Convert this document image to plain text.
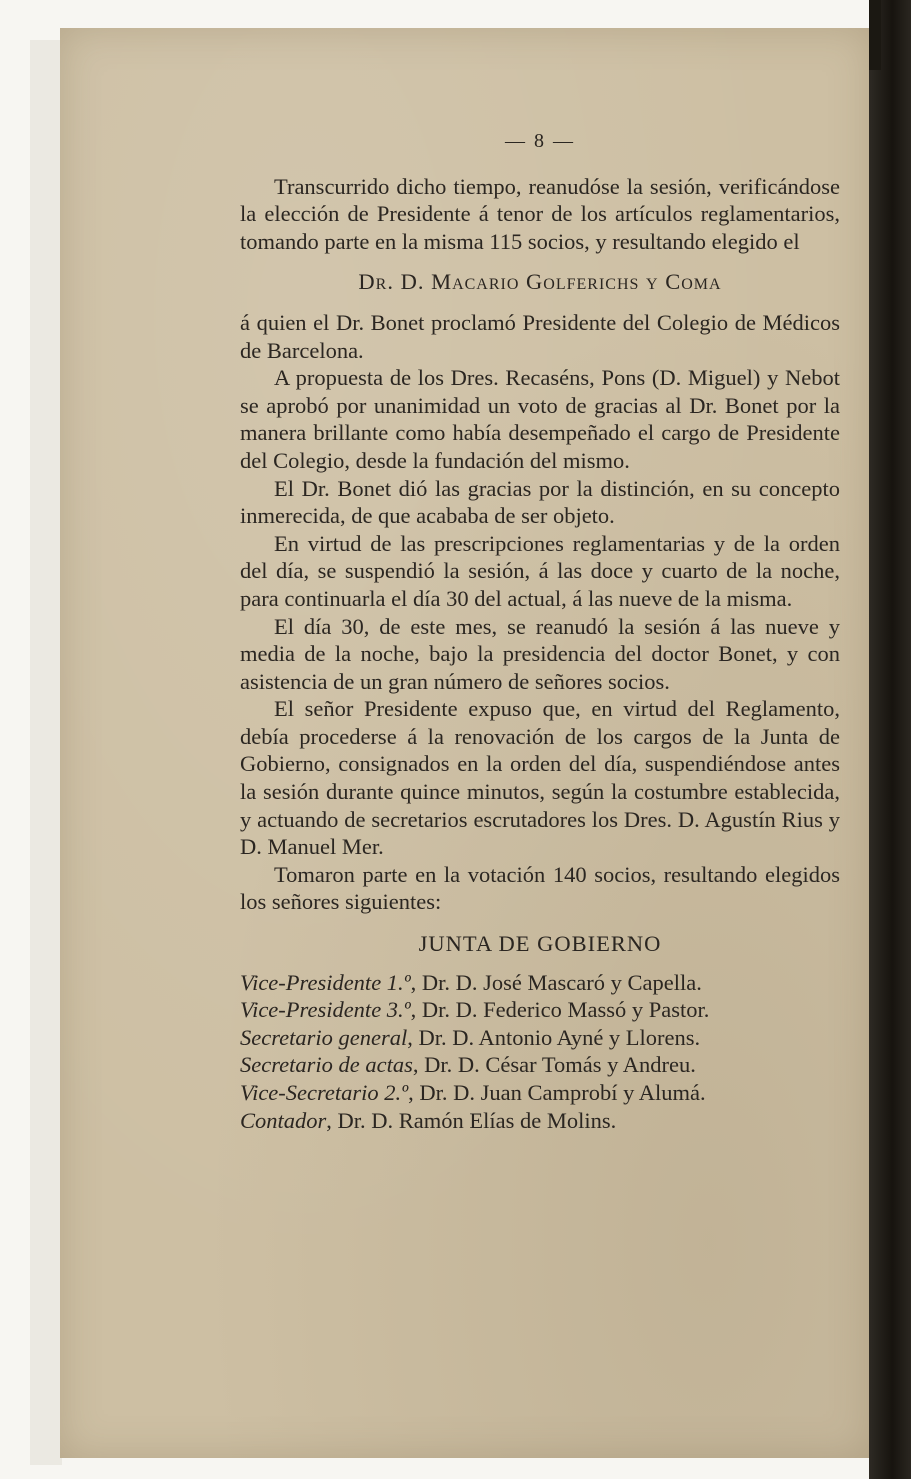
— 8 —

Transcurrido dicho tiempo, reanudóse la sesión, verificándose la elección de Presidente á tenor de los artículos reglamentarios, tomando parte en la misma 115 socios, y resultando elegido el

Dr. D. Macario Golferichs y Coma

á quien el Dr. Bonet proclamó Presidente del Colegio de Médicos de Barcelona.

A propuesta de los Dres. Recaséns, Pons (D. Miguel) y Nebot se aprobó por unanimidad un voto de gracias al Dr. Bonet por la manera brillante como había desempeñado el cargo de Presidente del Colegio, desde la fundación del mismo.

El Dr. Bonet dió las gracias por la distinción, en su concepto inmerecida, de que acababa de ser objeto.

En virtud de las prescripciones reglamentarias y de la orden del día, se suspendió la sesión, á las doce y cuarto de la noche, para continuarla el día 30 del actual, á las nueve de la misma.

El día 30, de este mes, se reanudó la sesión á las nueve y media de la noche, bajo la presidencia del doctor Bonet, y con asistencia de un gran número de señores socios.

El señor Presidente expuso que, en virtud del Reglamento, debía procederse á la renovación de los cargos de la Junta de Gobierno, consignados en la orden del día, suspendiéndose antes la sesión durante quince minutos, según la costumbre establecida, y actuando de secretarios escrutadores los Dres. D. Agustín Rius y D. Manuel Mer.

Tomaron parte en la votación 140 socios, resultando elegidos los señores siguientes:

JUNTA DE GOBIERNO
Vice-Presidente 1.º, Dr. D. José Mascaró y Capella.
Vice-Presidente 3.º, Dr. D. Federico Massó y Pastor.
Secretario general, Dr. D. Antonio Ayné y Llorens.
Secretario de actas, Dr. D. César Tomás y Andreu.
Vice-Secretario 2.º, Dr. D. Juan Camprobí y Alumá.
Contador, Dr. D. Ramón Elías de Molins.
